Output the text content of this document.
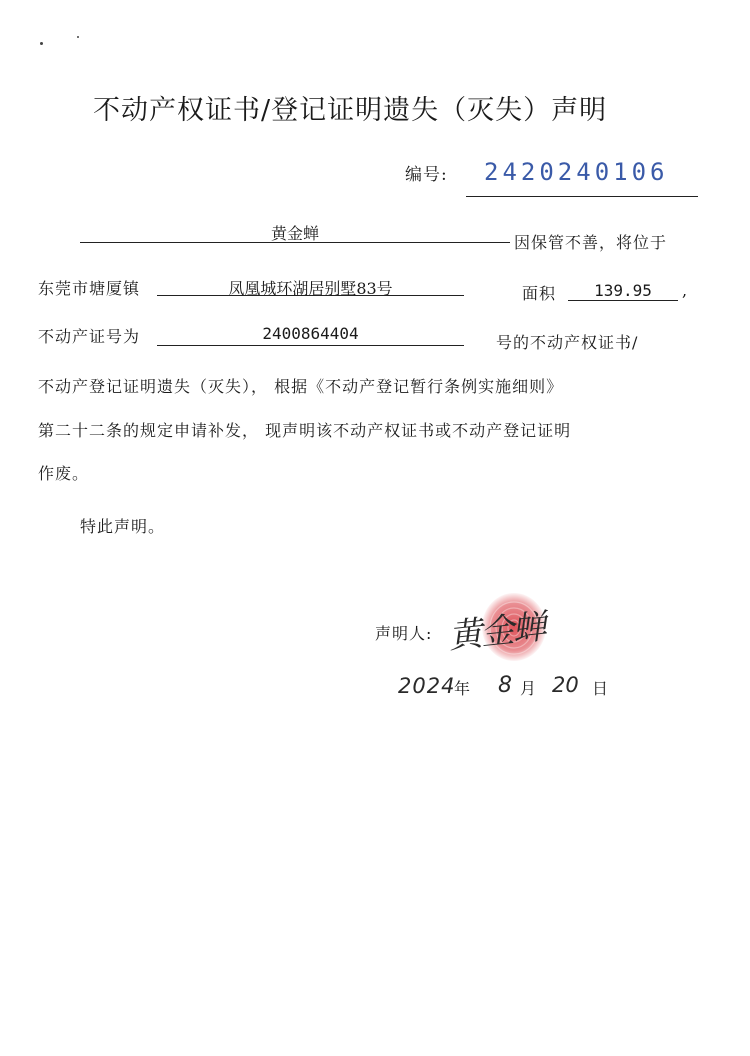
不动产权证书/登记证明遗失（灭失）声明
编号: 2420240106
黄金蝉	因保管不善，将位于
东莞市塘厦镇	凤凰城环湖居别墅83号	面积	139.95	,
不动产证号为	2400864404	号的不动产权证书/
不动产登记证明遗失（灭失）， 根据《不动产登记暂行条例实施细则》
第二十二条的规定申请补发， 现声明该不动产权证书或不动产登记证明
作废。
特此声明。
声明人: 黄金蝉
2024
年 8 月 20 日
